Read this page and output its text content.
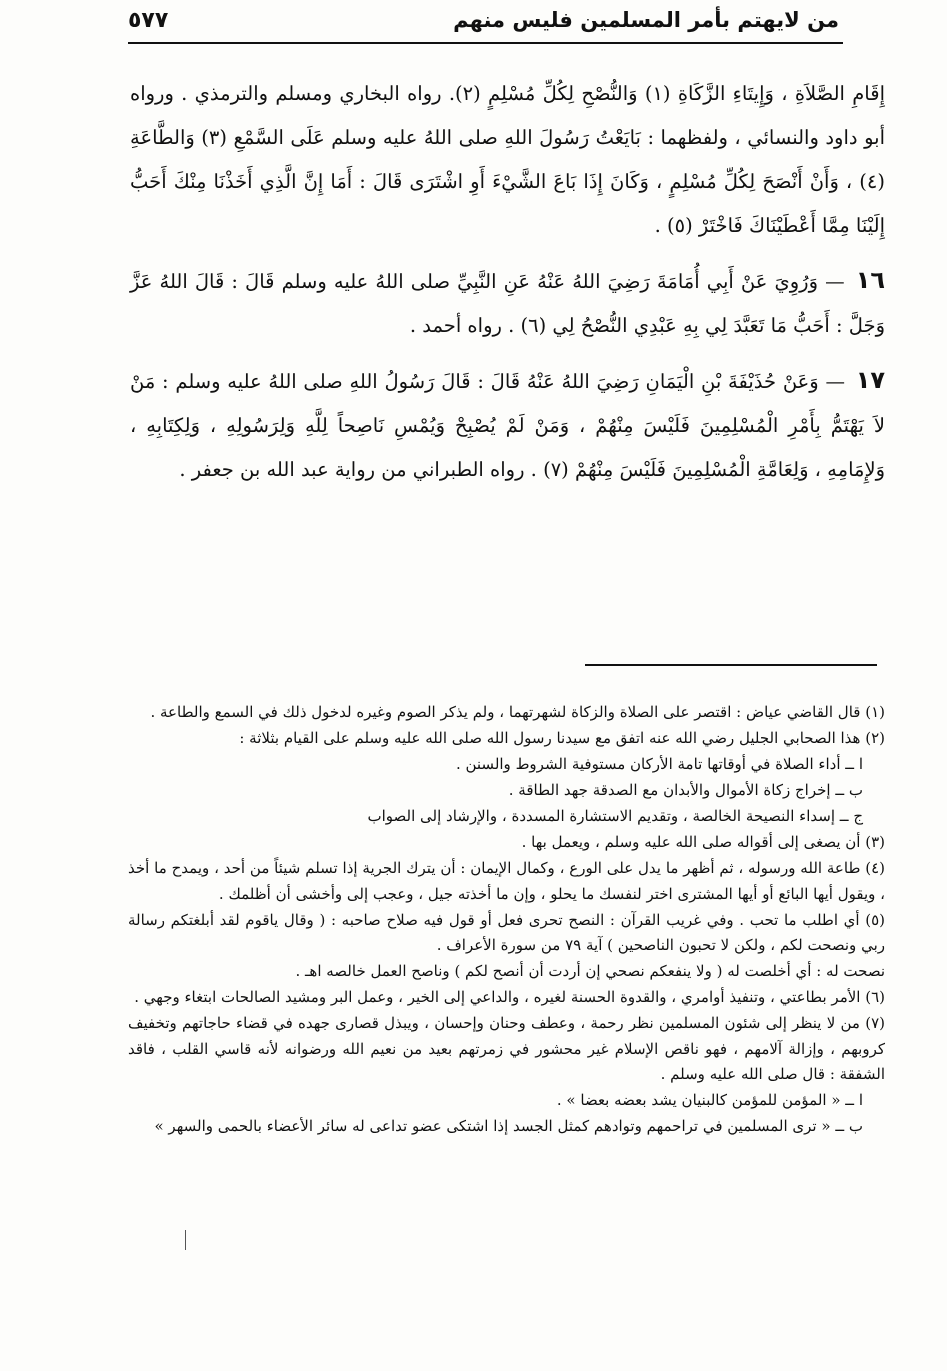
من لايهتم بأمر المسلمين فليس منهم
٥٧٧

إِقَامِ الصَّلاَةِ ، وَإِيتَاءِ الزَّكَاةِ (١) وَالنُّصْحِ لِكُلِّ مُسْلِمٍ (٢). رواه البخاري ومسلم والترمذي . ورواه أبو داود والنسائي ، ولفظهما : بَايَعْتُ رَسُولَ اللهِ صلى اللهُ عليه وسلم عَلَى السَّمْعِ (٣) وَالطَّاعَةِ (٤) ، وَأَنْ أَنْصَحَ لِكُلِّ مُسْلِمٍ ، وَكَانَ إِذَا بَاعَ الشَّيْءَ أَوِ اشْتَرَى قَالَ : أَمَا إِنَّ الَّذِي أَخَذْنَا مِنْكَ أَحَبُّ إِلَيْنَا مِمَّا أَعْطَيْنَاكَ فَاخْتَرْ (٥) .

١٦ — وَرُوِيَ عَنْ أَبِي أُمَامَةَ رَضِيَ اللهُ عَنْهُ عَنِ النَّبِيِّ صلى اللهُ عليه وسلم قَالَ : قَالَ اللهُ عَزَّ وَجَلَّ : أَحَبُّ مَا تَعَبَّدَ لِي بِهِ عَبْدِي النُّصْحُ لِي (٦) . رواه أحمد .

١٧ — وَعَنْ حُذَيْفَةَ بْنِ الْيَمَانِ رَضِيَ اللهُ عَنْهُ قَالَ : قَالَ رَسُولُ اللهِ صلى اللهُ عليه وسلم : مَنْ لاَ يَهْتَمُّ بِأَمْرِ الْمُسْلِمِينَ فَلَيْسَ مِنْهُمْ ، وَمَنْ لَمْ يُصْبِحْ وَيُمْسِ نَاصِحاً لِلَّهِ وَلِرَسُولِهِ ، وَلِكِتَابِهِ ، وَلإِمَامِهِ ، وَلِعَامَّةِ الْمُسْلِمِينَ فَلَيْسَ مِنْهُمْ (٧) . رواه الطبراني من رواية عبد الله بن جعفر .

(١) قال القاضي عياض : اقتصر على الصلاة والزكاة لشهرتهما ، ولم يذكر الصوم وغيره لدخول ذلك في السمع والطاعة .

(٢) هذا الصحابي الجليل رضي الله عنه اتفق مع سيدنا رسول الله صلى الله عليه وسلم على القيام بثلاثة :

ا ــ أداء الصلاة في أوقاتها تامة الأركان مستوفية الشروط والسنن .

ب ــ إخراج زكاة الأموال والأبدان مع الصدقة جهد الطاقة .

ج ــ إسداء النصيحة الخالصة ، وتقديم الاستشارة المسددة ، والإرشاد إلى الصواب

(٣) أن يصغى إلى أقواله صلى الله عليه وسلم ، ويعمل بها .

(٤) طاعة الله ورسوله ، ثم أظهر ما يدل على الورع ، وكمال الإيمان : أن يترك الجرية إذا تسلم شيئاً من أحد ، ويمدح ما أخذ ، ويقول أيها البائع أو أيها المشترى اختر لنفسك ما يحلو ، وإن ما أخذته جيل ، وعجب إلى وأخشى أن أظلمك .

(٥) أي اطلب ما تحب . وفي غريب القرآن : النصح تحرى فعل أو قول فيه صلاح صاحبه : ( وقال ياقوم لقد أبلغتكم رسالة ربي ونصحت لكم ، ولكن لا تحبون الناصحين ) آية ٧٩ من سورة الأعراف .

نصحت له : أي أخلصت له ( ولا ينفعكم نصحي إن أردت أن أنصح لكم ) وناصح العمل خالصه اهـ .

(٦) الأمر بطاعتي ، وتنفيذ أوامري ، والقدوة الحسنة لغيره ، والداعي إلى الخير ، وعمل البر ومشيد الصالحات ابتغاء وجهي .

(٧) من لا ينظر إلى شئون المسلمين نظر رحمة ، وعطف وحنان وإحسان ، ويبذل قصارى جهده في قضاء حاجاتهم وتخفيف كروبهم ، وإزالة آلامهم ، فهو ناقص الإسلام غير محشور في زمرتهم بعيد من نعيم الله ورضوانه لأنه قاسي القلب ، فاقد الشفقة : قال صلى الله عليه وسلم .

ا ــ « المؤمن للمؤمن كالبنيان يشد بعضه بعضا » .

ب ــ « ترى المسلمين في تراحمهم وتوادهم كمثل الجسد إذا اشتكى عضو تداعى له سائر الأعضاء بالحمى والسهر »
